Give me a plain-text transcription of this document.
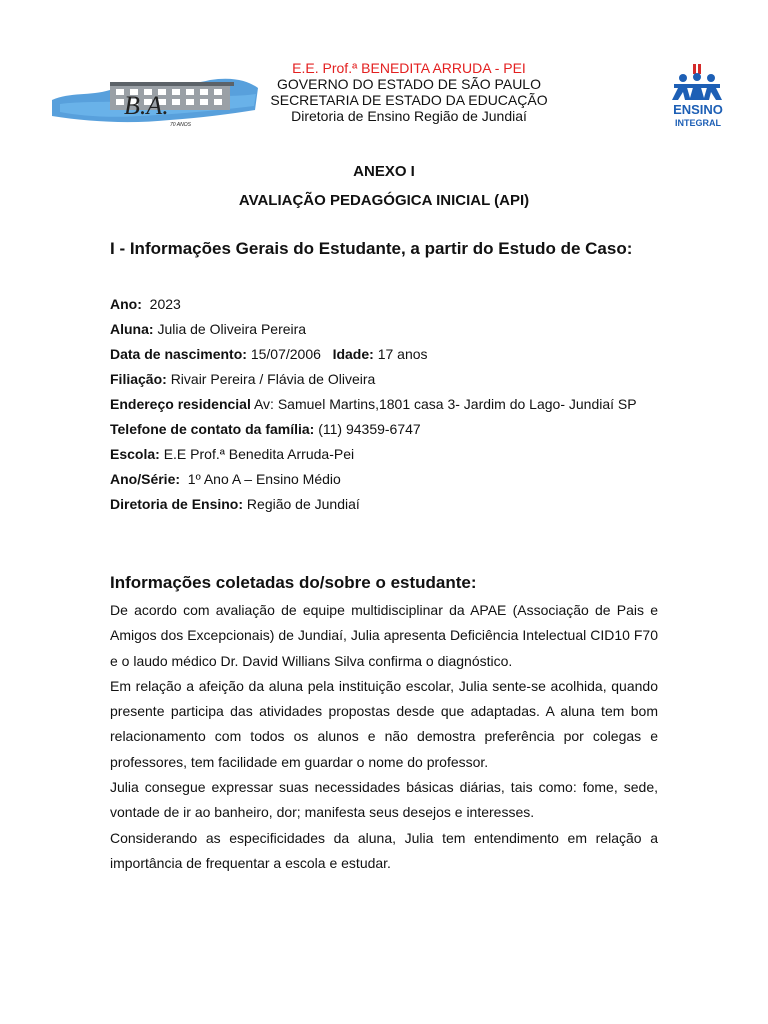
B.A.
70 ANOS
E.E. Prof.ª BENEDITA ARRUDA - PEI
GOVERNO DO ESTADO DE SÃO PAULO
SECRETARIA DE ESTADO DA EDUCAÇÃO
Diretoria de Ensino Região de Jundiaí	ENSINO
INTEGRAL
ANEXO I
AVALIAÇÃO PEDAGÓGICA INICIAL (API)
I - Informações Gerais do Estudante, a partir do Estudo de Caso:
Ano: 2023
Aluna: Julia de Oliveira Pereira
Data de nascimento: 15/07/2006 Idade: 17 anos
Filiação: Rivair Pereira / Flávia de Oliveira
Endereço residencial Av: Samuel Martins,1801 casa 3- Jardim do Lago- Jundiaí SP
Telefone de contato da família: (11) 94359-6747
Escola: E.E Prof.ª Benedita Arruda-Pei
Ano/Série: 1º Ano A – Ensino Médio
Diretoria de Ensino: Região de Jundiaí
Informações coletadas do/sobre o estudante:

De acordo com avaliação de equipe multidisciplinar da APAE (Associação de Pais e Amigos dos Excepcionais) de Jundiaí, Julia apresenta Deficiência Intelectual CID10 F70 e o laudo médico Dr. David Willians Silva confirma o diagnóstico.

Em relação a afeição da aluna pela instituição escolar, Julia sente-se acolhida, quando presente participa das atividades propostas desde que adaptadas. A aluna tem bom relacionamento com todos os alunos e não demostra preferência por colegas e professores, tem facilidade em guardar o nome do professor.

Julia consegue expressar suas necessidades básicas diárias, tais como: fome, sede, vontade de ir ao banheiro, dor; manifesta seus desejos e interesses.

Considerando as especificidades da aluna, Julia tem entendimento em relação a importância de frequentar a escola e estudar.
